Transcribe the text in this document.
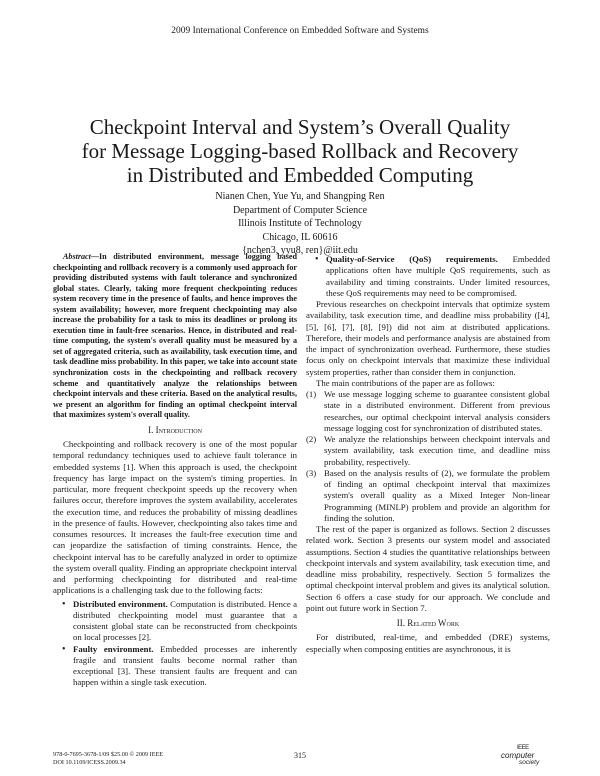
2009 International Conference on Embedded Software and Systems
Checkpoint Interval and System’s Overall Quality
for Message Logging-based Rollback and Recovery
in Distributed and Embedded Computing
Nianen Chen, Yue Yu, and Shangping Ren
Department of Computer Science
Illinois Institute of Technology
Chicago, IL 60616
{nchen3, yyu8, ren}@iit.edu

Abstract—In distributed environment, message logging based checkpointing and rollback recovery is a commonly used approach for providing distributed systems with fault tolerance and synchronized global states. Clearly, taking more frequent checkpointing reduces system recovery time in the presence of faults, and hence improves the system availability; however, more frequent checkpointing may also increase the probability for a task to miss its deadlines or prolong its execution time in fault-free scenarios. Hence, in distributed and real-time computing, the system's overall quality must be measured by a set of aggregated criteria, such as availability, task execution time, and task deadline miss probability. In this paper, we take into account state synchronization costs in the checkpointing and rollback recovery scheme and quantitatively analyze the relationships between checkpoint intervals and these criteria. Based on the analytical results, we present an algorithm for finding an optimal checkpoint interval that maximizes system's overall quality.

I. Introduction

Checkpointing and rollback recovery is one of the most popular temporal redundancy techniques used to achieve fault tolerance in embedded systems [1]. When this approach is used, the checkpoint frequency has large impact on the system's timing properties. In particular, more frequent checkpoint speeds up the recovery when failures occur, therefore improves the system availability, accelerates the execution time, and reduces the probability of missing deadlines in the presence of faults. However, checkpointing also takes time and consumes resources. It increases the fault-free execution time and can jeopardize the satisfaction of timing constraints. Hence, the checkpoint interval has to be carefully analyzed in order to optimize the system overall quality. Finding an appropriate checkpoint interval and performing checkpointing for distributed and real-time applications is a challenging task due to the following facts:

• Distributed environment. Computation is distributed. Hence a distributed checkpointing model must guarantee that a consistent global state can be reconstructed from checkpoints on local processes [2].
• Faulty environment. Embedded processes are inherently fragile and transient faults become normal rather than exceptional [3]. These transient faults are frequent and can happen within a single task execution.
• Quality-of-Service (QoS) requirements. Embedded applications often have multiple QoS requirements, such as availability and timing constraints. Under limited resources, these QoS requirements may need to be compromised.

Previous researches on checkpoint intervals that optimize system availability, task execution time, and deadline miss probability ([4], [5], [6], [7], [8], [9]) did not aim at distributed applications. Therefore, their models and performance analysis are abstained from the impact of synchronization overhead. Furthermore, these studies focus only on checkpoint intervals that maximize these individual system properties, rather than consider them in conjunction.

The main contributions of the paper are as follows:

(1) We use message logging scheme to guarantee consistent global state in a distributed environment. Different from previous researches, our optimal checkpoint interval analysis considers message logging cost for synchronization of distributed states.
(2) We analyze the relationships between checkpoint intervals and system availability, task execution time, and deadline miss probability, respectively.
(3) Based on the analysis results of (2), we formulate the problem of finding an optimal checkpoint interval that maximizes system's overall quality as a Mixed Integer Non-linear Programming (MINLP) problem and provide an algorithm for finding the solution.

The rest of the paper is organized as follows. Section 2 discusses related work. Section 3 presents our system model and associated assumptions. Section 4 studies the quantitative relationships between checkpoint intervals and system availability, task execution time, and deadline miss probability, respectively. Section 5 formalizes the optimal checkpoint interval problem and gives its analytical solution. Section 6 offers a case study for our approach. We conclude and point out future work in Section 7.

II. Related Work

For distributed, real-time, and embedded (DRE) systems, especially when composing entities are asynchronous, it is

978-0-7695-3678-1/09 $25.00 © 2009 IEEE
DOI 10.1109/ICESS.2009.34
315
IEEE
computer
society
